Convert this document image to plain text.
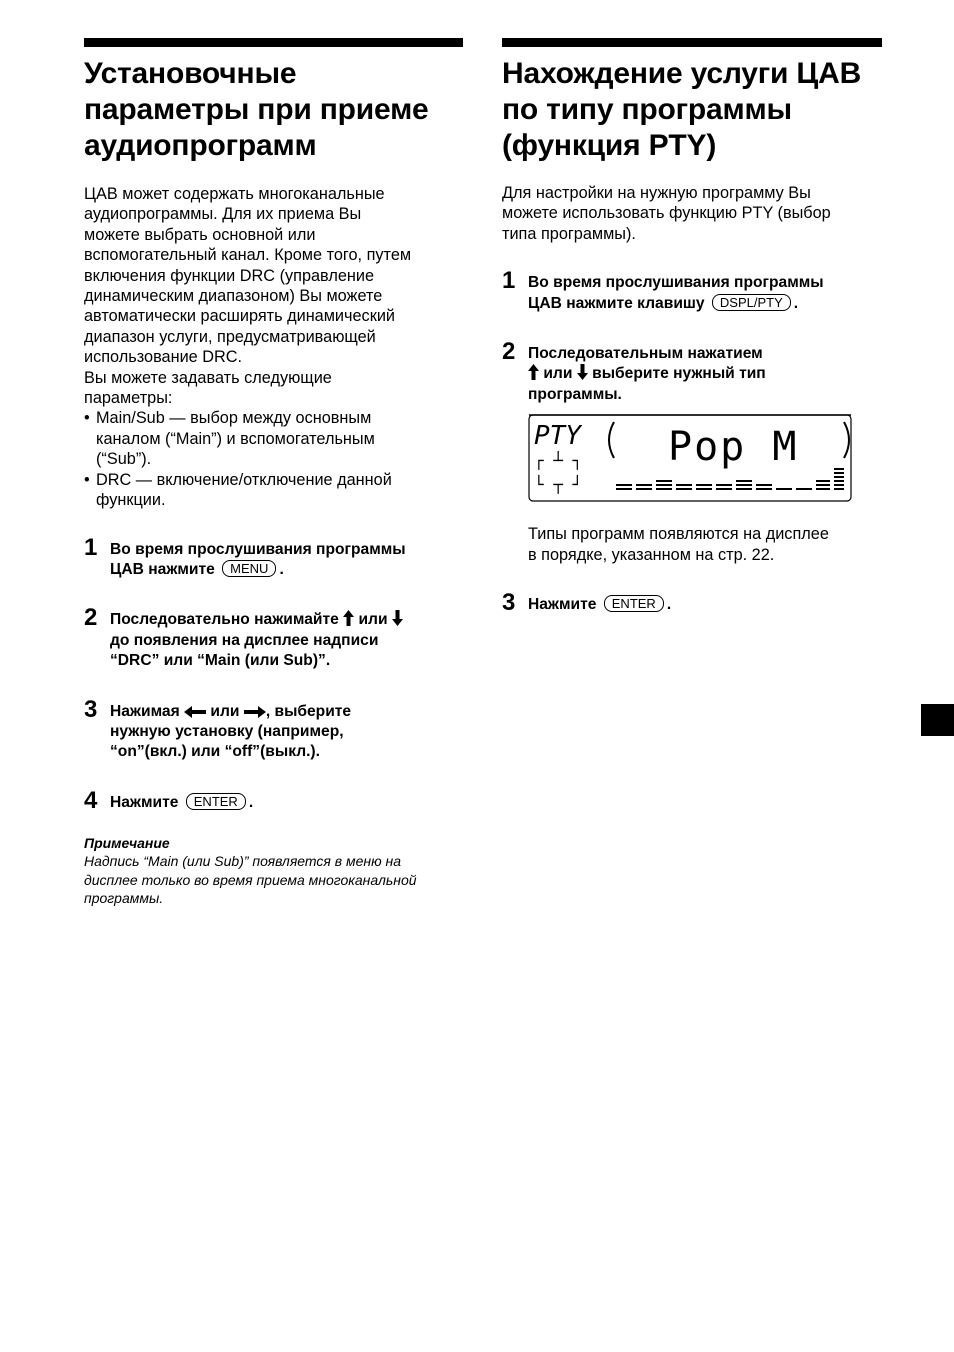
Установочные параметры при приеме аудиопрограмм

ЦАВ может содержать многоканальные

аудиопрограммы. Для их приема Вы

можете выбрать основной или

вспомогательный канал. Кроме того, путем

включения функции DRC (управление

динамическим диапазоном) Вы можете

автоматически расширять динамический

диапазон услуги, предусматривающей

использование DRC.

Вы можете задавать следующие

параметры:

• Main/Sub — выбор между основным
каналом (“Main”) и вспомогательным
(“Sub”).
• DRC — включение/отключение данной
функции.
1 Во время прослушивания программы
ЦАВ нажмите MENU .

2 Последовательно нажимайте или
до появления на дисплее надписи
“DRC” или “Main (или Sub)”.

3 Нажимая или , выберите
нужную установку (например,
“on”(вкл.) или “off”(выкл.).

4 Нажмите ENTER .

Примечание

Надпись “Main (или Sub)” появляется в меню на

дисплее только во время приема многоканальной

программы.

Нахождение услуги ЦАВ по типу программы (функция PTY)

Для настройки на нужную программу Вы

можете использовать функцию PTY (выбор

типа программы).

1 Во время прослушивания программы
ЦАВ нажмите клавишу DSPL/PTY .

2 Последовательным нажатием
или выберите нужный тип
программы.

PTY Pop M
┌ ┴ ┐
└ ┬ ┘

Типы программ появляются на дисплее

в порядке, указанном на стр. 22.

3 Нажмите ENTER .
